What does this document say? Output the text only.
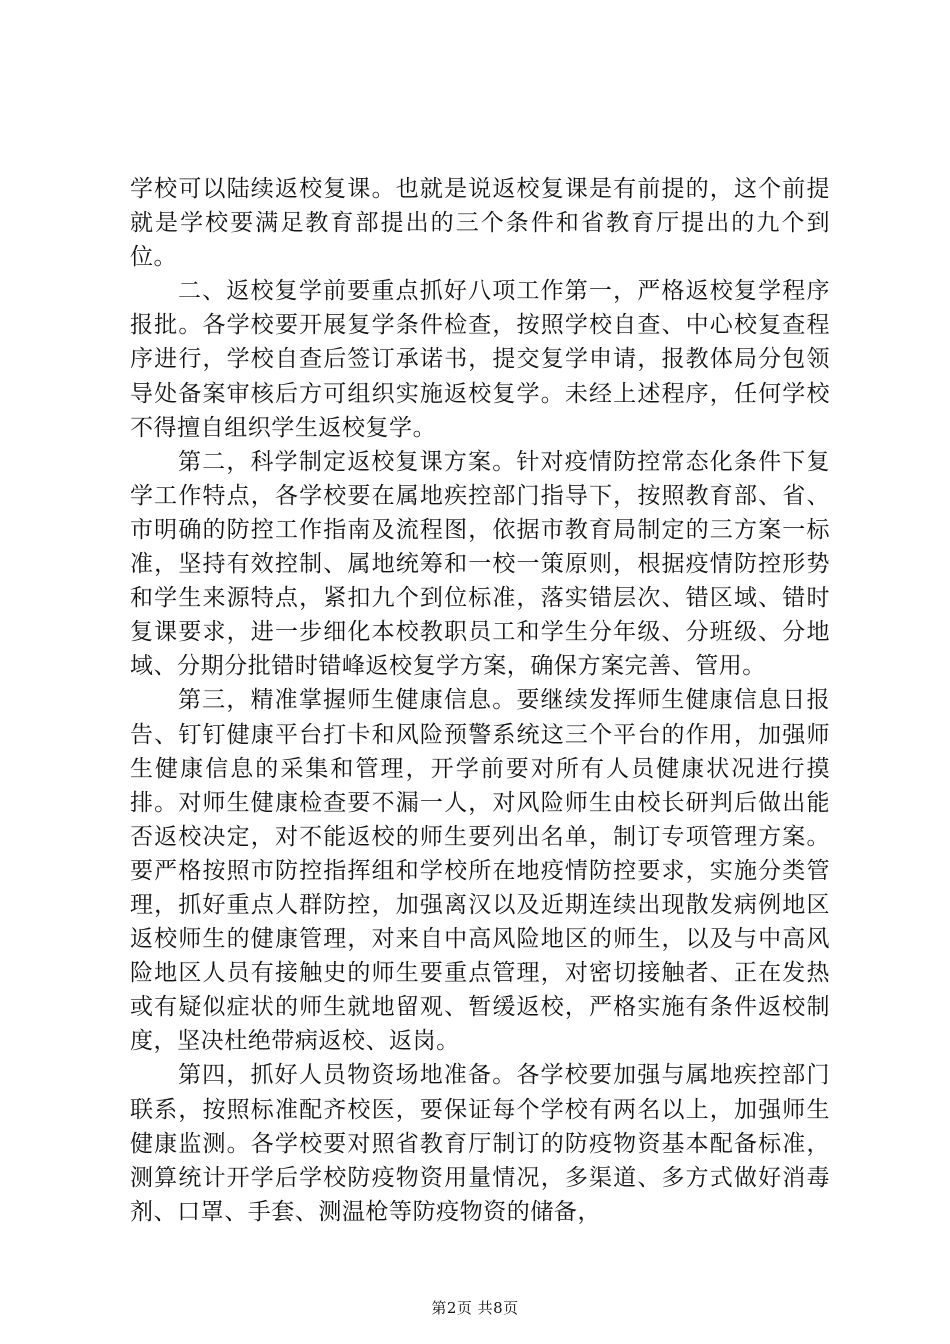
学校可以陆续返校复课。也就是说返校复课是有前提的，这个前提就是学校要满足教育部提出的三个条件和省教育厅提出的九个到位。

二、返校复学前要重点抓好八项工作第一，严格返校复学程序报批。各学校要开展复学条件检查，按照学校自查、中心校复查程序进行，学校自查后签订承诺书，提交复学申请，报教体局分包领导处备案审核后方可组织实施返校复学。未经上述程序，任何学校不得擅自组织学生返校复学。

第二，科学制定返校复课方案。针对疫情防控常态化条件下复学工作特点，各学校要在属地疾控部门指导下，按照教育部、省、市明确的防控工作指南及流程图，依据市教育局制定的三方案一标准，坚持有效控制、属地统筹和一校一策原则，根据疫情防控形势和学生来源特点，紧扣九个到位标准，落实错层次、错区域、错时复课要求，进一步细化本校教职员工和学生分年级、分班级、分地域、分期分批错时错峰返校复学方案，确保方案完善、管用。

第三，精准掌握师生健康信息。要继续发挥师生健康信息日报告、钉钉健康平台打卡和风险预警系统这三个平台的作用，加强师生健康信息的采集和管理，开学前要对所有人员健康状况进行摸排。对师生健康检查要不漏一人，对风险师生由校长研判后做出能否返校决定，对不能返校的师生要列出名单，制订专项管理方案。要严格按照市防控指挥组和学校所在地疫情防控要求，实施分类管理，抓好重点人群防控，加强离汉以及近期连续出现散发病例地区返校师生的健康管理，对来自中高风险地区的师生，以及与中高风险地区人员有接触史的师生要重点管理，对密切接触者、正在发热或有疑似症状的师生就地留观、暂缓返校，严格实施有条件返校制度，坚决杜绝带病返校、返岗。

第四，抓好人员物资场地准备。各学校要加强与属地疾控部门联系，按照标准配齐校医，要保证每个学校有两名以上，加强师生健康监测。各学校要对照省教育厅制订的防疫物资基本配备标准，测算统计开学后学校防疫物资用量情况，多渠道、多方式做好消毒剂、口罩、手套、测温枪等防疫物资的储备，

第2页 共8页
